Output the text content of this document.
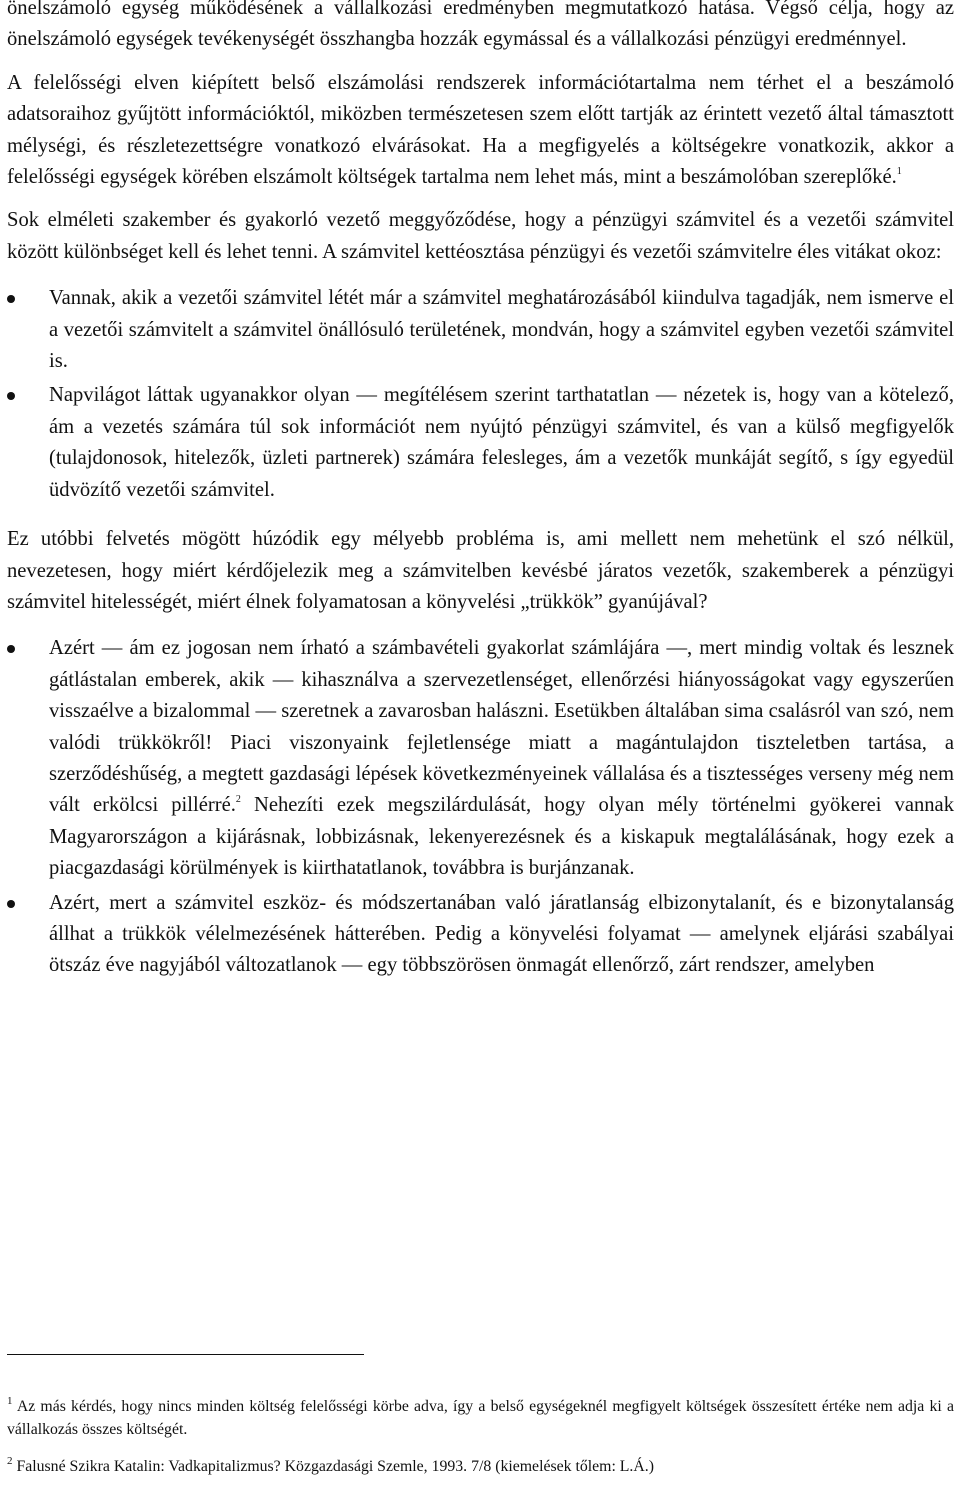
önelszámoló egység működésének a vállalkozási eredményben megmutatkozó hatása. Végső célja, hogy az önelszámoló egységek tevékenységét összhangba hozzák egymással és a vállalkozási pénzügyi eredménnyel.

A felelősségi elven kiépített belső elszámolási rendszerek információtartalma nem térhet el a beszámoló adatsoraihoz gyűjtött információktól, miközben természetesen szem előtt tartják az érintett vezető által támasztott mélységi, és részletezettségre vonatkozó elvárásokat. Ha a megfigyelés a költségekre vonatkozik, akkor a felelősségi egységek körében elszámolt költségek tartalma nem lehet más, mint a beszámolóban szereplőké.$^1$

Sok elméleti szakember és gyakorló vezető meggyőződése, hogy a pénzügyi számvitel és a vezetői számvitel között különbséget kell és lehet tenni. A számvitel kettéosztása pénzügyi és vezetői számvitelre éles vitákat okoz:

Vannak, akik a vezetői számvitel létét már a számvitel meghatározásából kiindulva tagadják, nem ismerve el a vezetői számvitelt a számvitel önállósuló területének, mondván, hogy a számvitel egyben vezetői számvitel is.
Napvilágot láttak ugyanakkor olyan — megítélésem szerint tarthatatlan — nézetek is, hogy van a kötelező, ám a vezetés számára túl sok információt nem nyújtó pénzügyi számvitel, és van a külső megfigyelők (tulajdonosok, hitelezők, üzleti partnerek) számára felesleges, ám a vezetők munkáját segítő, s így egyedül üdvözítő vezetői számvitel.

Ez utóbbi felvetés mögött húzódik egy mélyebb probléma is, ami mellett nem mehetünk el szó nélkül, nevezetesen, hogy miért kérdőjelezik meg a számvitelben kevésbé járatos vezetők, szakemberek a pénzügyi számvitel hitelességét, miért élnek folyamatosan a könyvelési „trükkök” gyanújával?

Azért — ám ez jogosan nem írható a számbavételi gyakorlat számlájára —, mert mindig voltak és lesznek gátlástalan emberek, akik — kihasználva a szervezetlenséget, ellenőrzési hiányosságokat vagy egyszerűen visszaélve a bizalommal — szeretnek a zavarosban halászni. Esetükben általában sima csalásról van szó, nem valódi trükkökről! Piaci viszonyaink fejletlensége miatt a magántulajdon tiszteletben tartása, a szerződéshűség, a megtett gazdasági lépések következményeinek vállalása és a tisztességes verseny még nem vált erkölcsi pillérré.$^2$ Nehezíti ezek megszilárdulását, hogy olyan mély történelmi gyökerei vannak Magyarországon a kijárásnak, lobbizásnak, lekenyerezésnek és a kiskapuk megtalálásának, hogy ezek a piacgazdasági körülmények is kiirthatatlanok, továbbra is burjánzanak.
Azért, mert a számvitel eszköz- és módszertanában való járatlanság elbizonytalanít, és e bizonytalanság állhat a trükkök vélelmezésének hátterében. Pedig a könyvelési folyamat — amelynek eljárási szabályai ötszáz éve nagyjából változatlanok — egy többszörösen önmagát ellenőrző, zárt rendszer, amelyben

$^1$ Az más kérdés, hogy nincs minden költség felelősségi körbe adva, így a belső egységeknél megfigyelt költségek összesített értéke nem adja ki a vállalkozás összes költségét.

$^2$ Falusné Szikra Katalin: Vadkapitalizmus? Közgazdasági Szemle, 1993. 7/8 (kiemelések tőlem: L.Á.)
